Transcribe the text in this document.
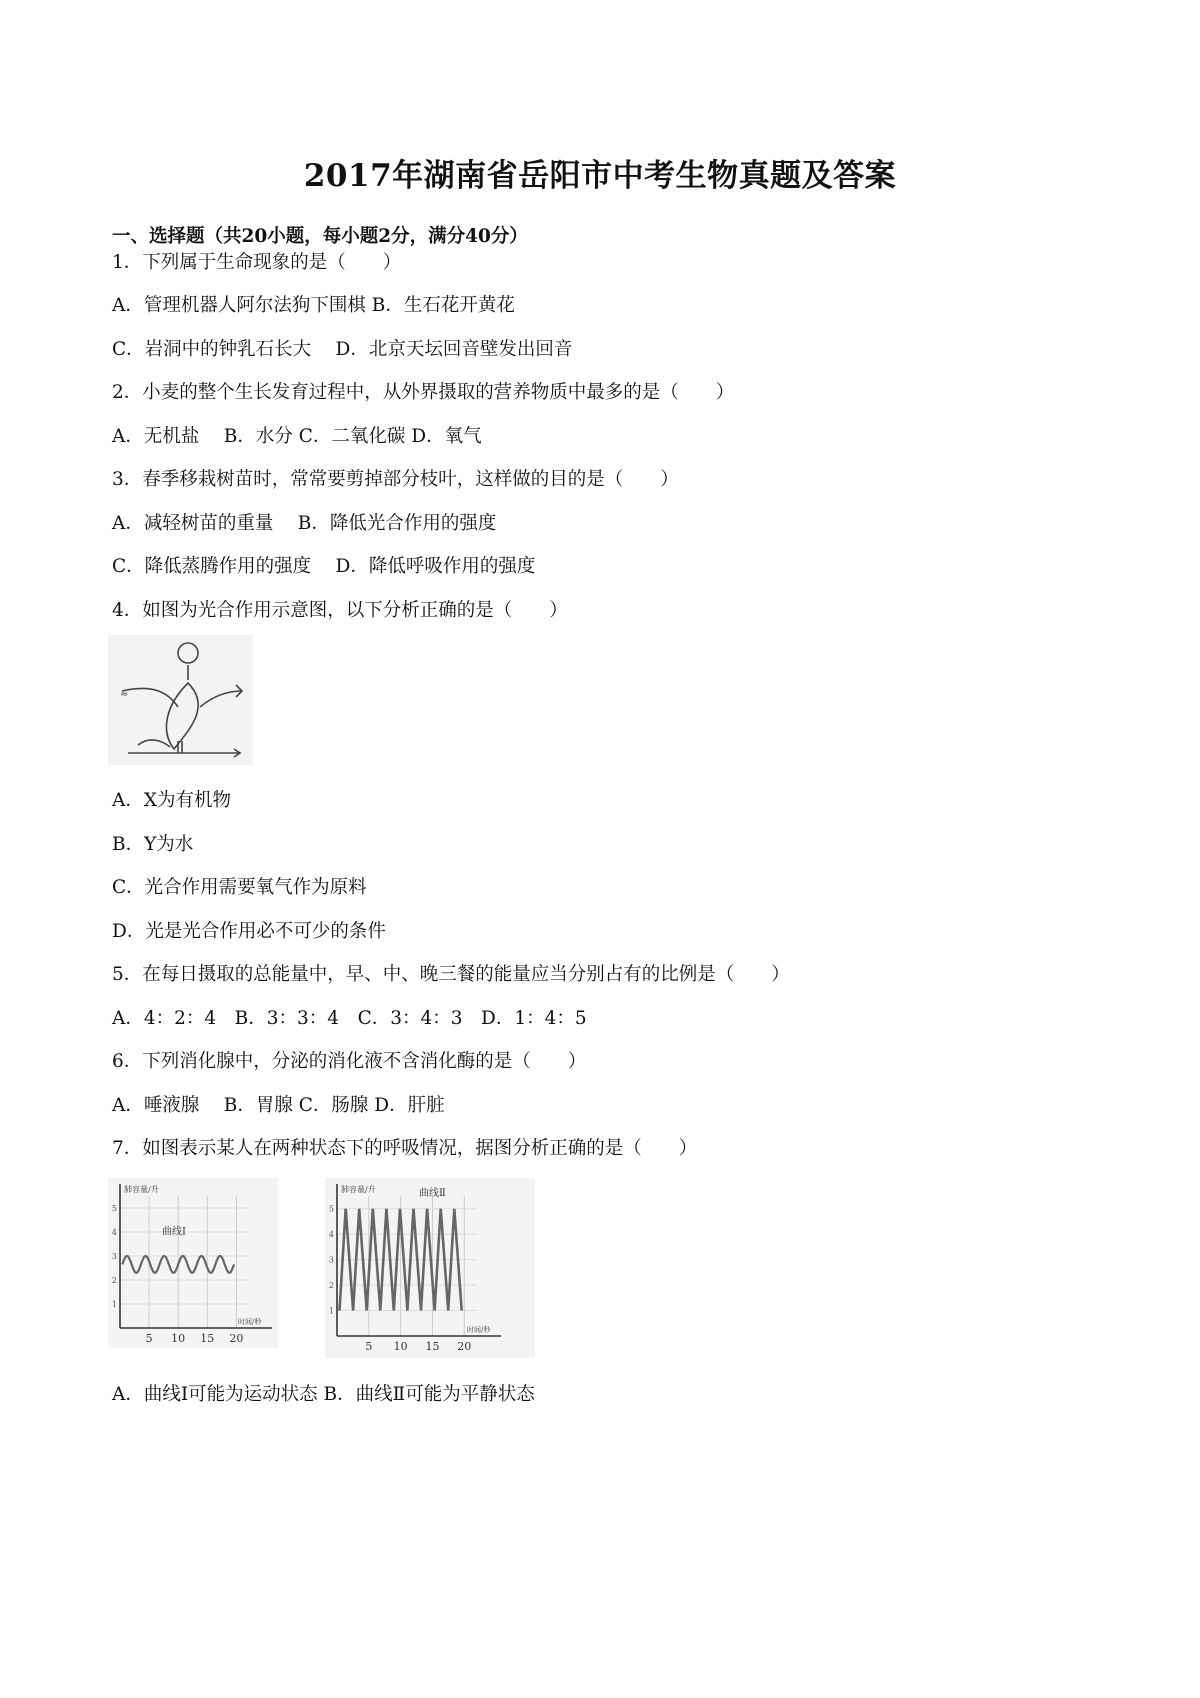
2017年湖南省岳阳市中考生物真题及答案
一、选择题（共20小题，每小题2分，满分40分）
1．下列属于生命现象的是（　　）
A．管理机器人阿尔法狗下围棋 B．生石花开黄花
C．岩洞中的钟乳石长大　 D．北京天坛回音壁发出回音
2．小麦的整个生长发育过程中，从外界摄取的营养物质中最多的是（　　）
A．无机盐　 B．水分 C．二氧化碳 D．氧气
3．春季移栽树苗时，常常要剪掉部分枝叶，这样做的目的是（　　）
A．减轻树苗的重量　 B．降低光合作用的强度
C．降低蒸腾作用的强度　 D．降低呼吸作用的强度
4．如图为光合作用示意图，以下分析正确的是（　　）
≈
A．X为有机物
B．Y为水
C．光合作用需要氧气作为原料
D．光是光合作用必不可少的条件
5．在每日摄取的总能量中，早、中、晚三餐的能量应当分别占有的比例是（　　）
A．4：2：4　B．3：3：4　C．3：4：3　D．1：4：5
6．下列消化腺中，分泌的消化液不含消化酶的是（　　）
A．唾液腺　 B．胃腺 C．肠腺 D．肝脏
7．如图表示某人在两种状态下的呼吸情况，据图分析正确的是（　　）
5 10 15 20
1
2
3
4
5
肺容量/升
时间/秒
曲线Ⅰ
5 10 15 20
1
2
3
4
5
肺容量/升
时间/秒
曲线Ⅱ
A．曲线Ⅰ可能为运动状态 B．曲线Ⅱ可能为平静状态
